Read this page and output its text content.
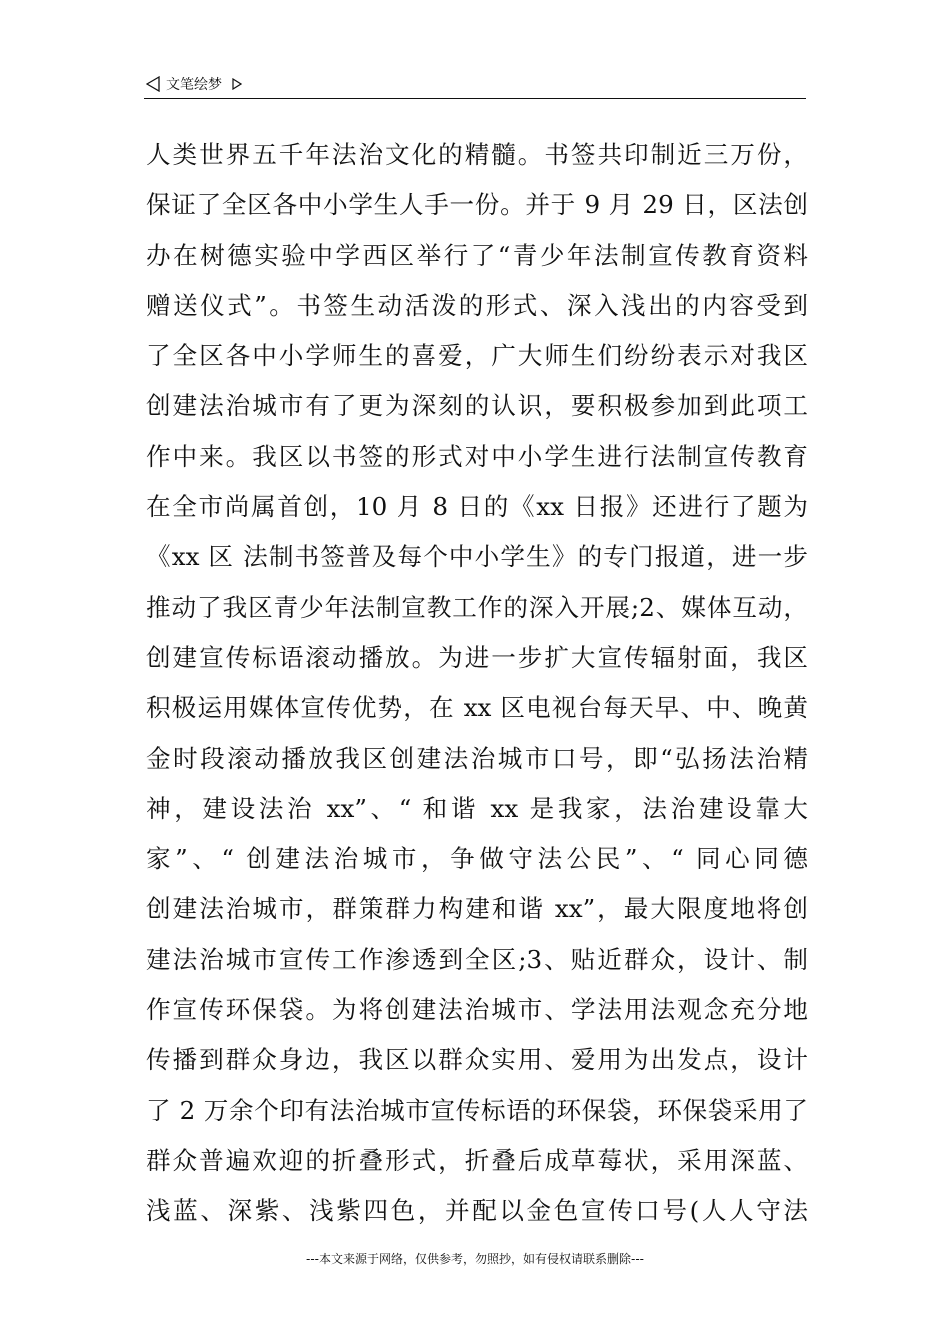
文笔绘梦
人类世界五千年法治文化的精髓。书签共印制近三万份，
保证了全区各中小学生人手一份。并于 9 月 29 日，区法创
办在树德实验中学西区举行了“青少年法制宣传教育资料
赠送仪式”。书签生动活泼的形式、深入浅出的内容受到
了全区各中小学师生的喜爱，广大师生们纷纷表示对我区
创建法治城市有了更为深刻的认识，要积极参加到此项工
作中来。我区以书签的形式对中小学生进行法制宣传教育
在全市尚属首创，10 月 8 日的《xx 日报》还进行了题为
《xx 区 法制书签普及每个中小学生》的专门报道，进一步
推动了我区青少年法制宣教工作的深入开展;2、媒体互动，
创建宣传标语滚动播放。为进一步扩大宣传辐射面，我区
积极运用媒体宣传优势，在 xx 区电视台每天早、中、晚黄
金时段滚动播放我区创建法治城市口号，即“弘扬法治精
神，建设法治 xx”、“ 和谐 xx 是我家，法治建设靠大
家”、“ 创建法治城市，争做守法公民”、“ 同心同德
创建法治城市，群策群力构建和谐 xx”，最大限度地将创
建法治城市宣传工作渗透到全区;3、贴近群众，设计、制
作宣传环保袋。为将创建法治城市、学法用法观念充分地
传播到群众身边，我区以群众实用、爱用为出发点，设计
了 2 万余个印有法治城市宣传标语的环保袋，环保袋采用了
群众普遍欢迎的折叠形式，折叠后成草莓状，采用深蓝、
浅蓝、深紫、浅紫四色，并配以金色宣传口号(人人守法
---本文来源于网络，仅供参考，勿照抄，如有侵权请联系删除---
